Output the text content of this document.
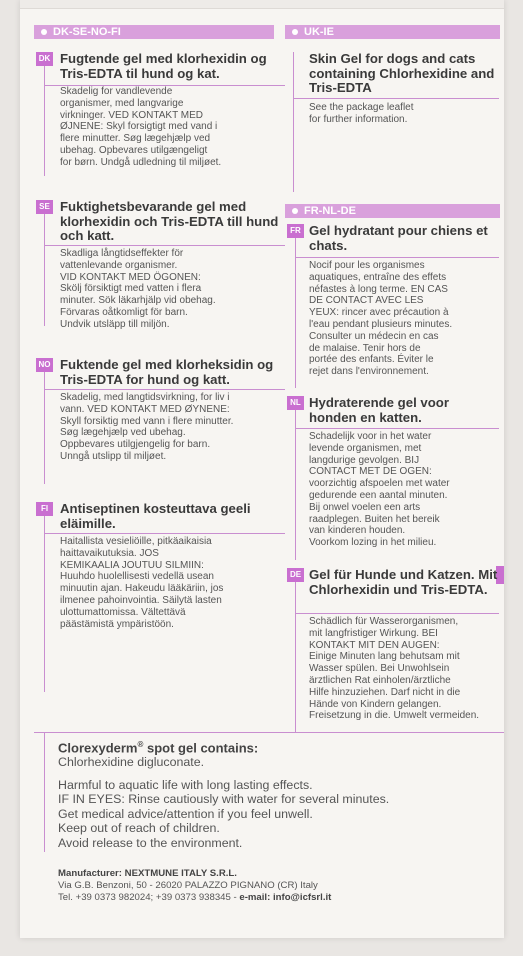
DK-SE-NO-FI	UK-IE
FR-NL-DE
DK Fugtende gel med klorhexidin og Tris-EDTA til hund og kat.
Skadelig for vandlevende
organismer, med langvarige
virkninger. VED KONTAKT MED
ØJNENE: Skyl forsigtigt med vand i
flere minutter. Søg lægehjælp ved
ubehag. Opbevares utilgængeligt
for børn. Undgå udledning til miljøet.
SE Fuktighetsbevarande gel med klorhexidin och Tris-EDTA till hund och katt.
Skadliga långtidseffekter för
vattenlevande organismer.
VID KONTAKT MED ÖGONEN:
Skölj försiktigt med vatten i flera
minuter. Sök läkarhjälp vid obehag.
Förvaras oåtkomligt för barn.
Undvik utsläpp till miljön.
NO Fuktende gel med klorheksidin og Tris-EDTA for hund og katt.
Skadelig, med langtidsvirkning, for liv i
vann. VED KONTAKT MED ØYNENE:
Skyll forsiktig med vann i flere minutter.
Søg lægehjælp ved ubehag.
Oppbevares utilgjengelig for barn.
Unngå utslipp til miljøet.
FI Antiseptinen kosteuttava geeli eläimille.
Haitallista vesieliöille, pitkäaikaisia
haittavaikutuksia. JOS
KEMIKAALIA JOUTUU SILMIIN:
Huuhdo huolellisesti vedellä usean
minuutin ajan. Hakeudu lääkäriin, jos
ilmenee pahoinvointia. Säilytä lasten
ulottumattomissa. Vältettävä
päästämistä ympäristöön.
Skin Gel for dogs and cats containing Chlorhexidine and Tris-EDTA
See the package leaflet
for further information.
FR Gel hydratant pour chiens et chats.
Nocif pour les organismes
aquatiques, entraîne des effets
néfastes à long terme. EN CAS
DE CONTACT AVEC LES
YEUX: rincer avec précaution à
l'eau pendant plusieurs minutes.
Consulter un médecin en cas
de malaise. Tenir hors de
portée des enfants. Éviter le
rejet dans l'environnement.
NL Hydraterende gel voor honden en katten.
Schadelijk voor in het water
levende organismen, met
langdurige gevolgen. BIJ
CONTACT MET DE OGEN:
voorzichtig afspoelen met water
gedurende een aantal minuten.
Bij onwel voelen een arts
raadplegen. Buiten het bereik
van kinderen houden.
Voorkom lozing in het milieu.
DE Gel für Hunde und Katzen. Mit Chlorhexidin und Tris-EDTA.
Schädlich für Wasserorganismen,
mit langfristiger Wirkung. BEI
KONTAKT MIT DEN AUGEN:
Einige Minuten lang behutsam mit
Wasser spülen. Bei Unwohlsein
ärztlichen Rat einholen/ärztliche
Hilfe hinzuziehen. Darf nicht in die
Hände von Kindern gelangen.
Freisetzung in die. Umwelt vermeiden.
Clorexyderm® spot gel contains:
Chlorhexidine digluconate.
Harmful to aquatic life with long lasting effects.
IF IN EYES: Rinse cautiously with water for several minutes.
Get medical advice/attention if you feel unwell.
Keep out of reach of children.
Avoid release to the environment.
Manufacturer: NEXTMUNE ITALY S.R.L.
Via G.B. Benzoni, 50 - 26020 PALAZZO PIGNANO (CR) Italy
Tel. +39 0373 982024; +39 0373 938345 - e-mail: info@icfsrl.it
